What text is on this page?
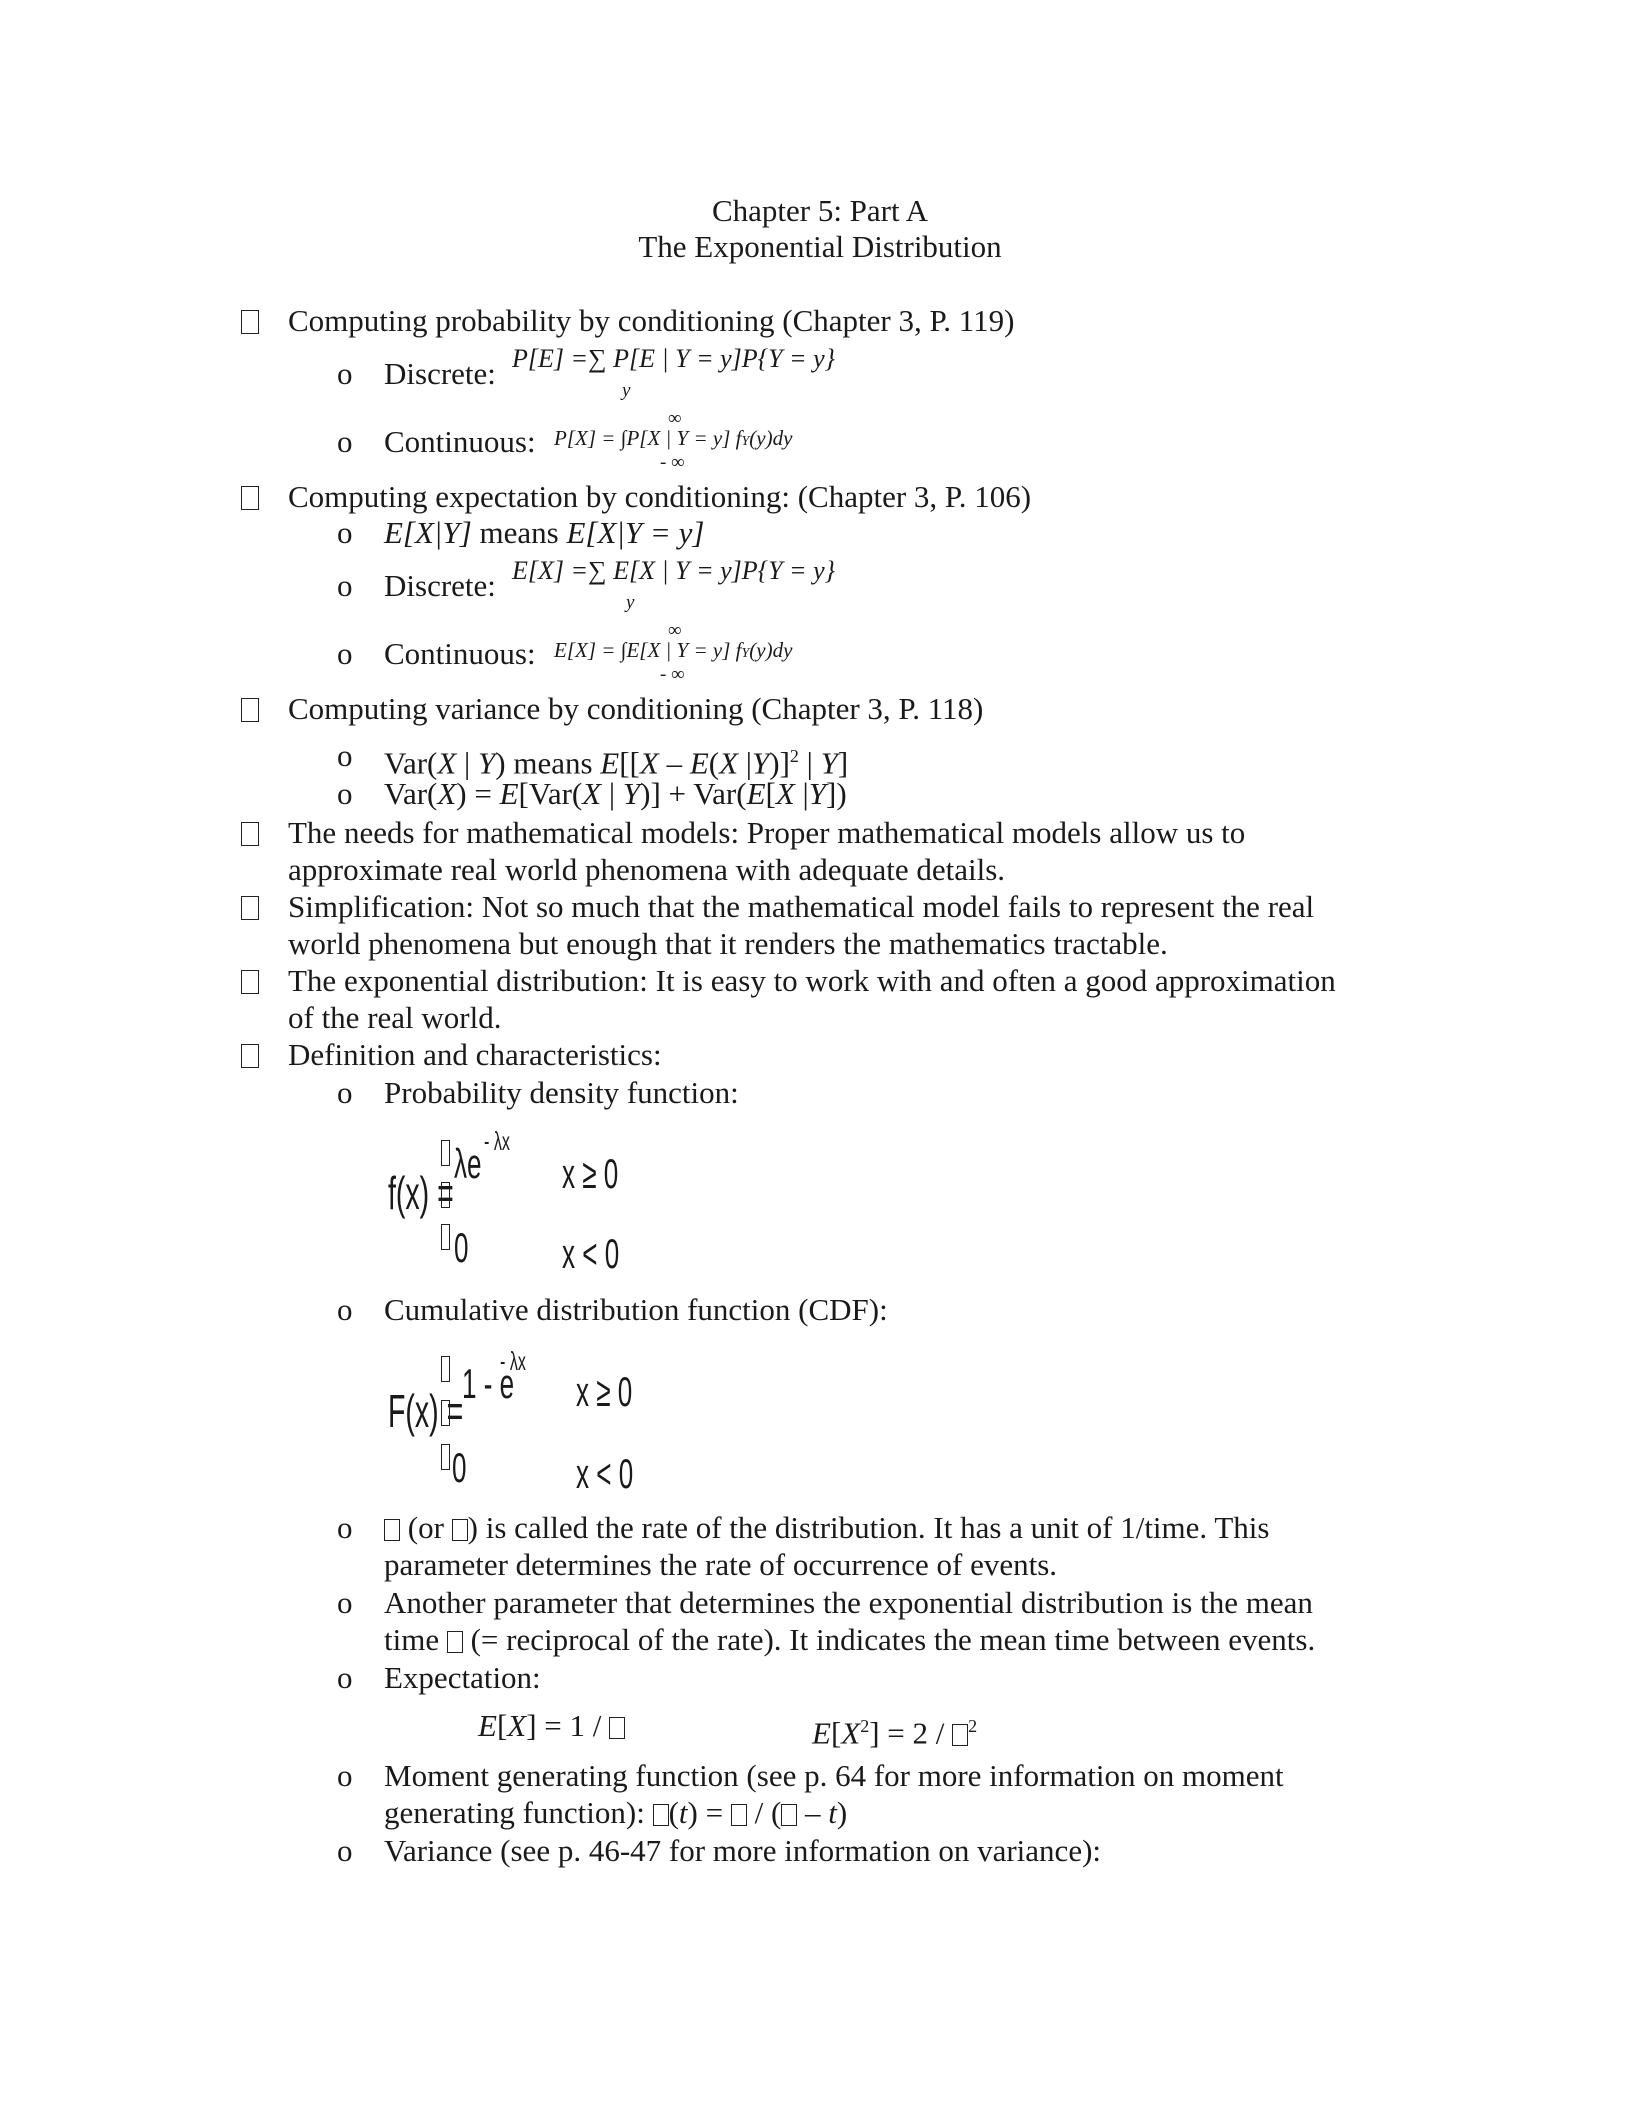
Chapter 5: Part A
The Exponential Distribution
Computing probability by conditioning (Chapter 3, P. 119)
o Discrete: P[E] =∑ P[E | Y = y]P{Y = y}
y
∞
o Continuous: P[X] = ∫P[X | Y = y] fY(y)dy
- ∞
Computing expectation by conditioning: (Chapter 3, P. 106)
o E[X|Y] means E[X|Y = y]
o Discrete: E[X] =∑ E[X | Y = y]P{Y = y}
y
∞
o Continuous: E[X] = ∫E[X | Y = y] fY(y)dy
- ∞
Computing variance by conditioning (Chapter 3, P. 118)
o Var(X | Y) means E[[X – E(X |Y)]$^2$ | Y]
o Var(X) = E[Var(X | Y)] + Var(E[X |Y])
The needs for mathematical models: Proper mathematical models allow us to
approximate real world phenomena with adequate details.
Simplification: Not so much that the mathematical model fails to represent the real
world phenomena but enough that it renders the mathematics tractable.
The exponential distribution: It is easy to work with and often a good approximation
of the real world.
Definition and characteristics:
o Probability density function:
f(x) =
λe - λx
x ≥ 0
0 x < 0
o Cumulative distribution function (CDF):
F(x) =
1 - e
- λx
x ≥ 0
0	x < 0
o	(or ) is called the rate of the distribution. It has a unit of 1/time. This
parameter determines the rate of occurrence of events.
o Another parameter that determines the exponential distribution is the mean
time  (= reciprocal of the rate). It indicates the mean time between events.
o Expectation:
E[X] = 1 /	$E[X^2] = 2 / ^2$
o Moment generating function (see p. 64 for more information on moment
generating function): (t) =  / ( – t)
o Variance (see p. 46-47 for more information on variance):
